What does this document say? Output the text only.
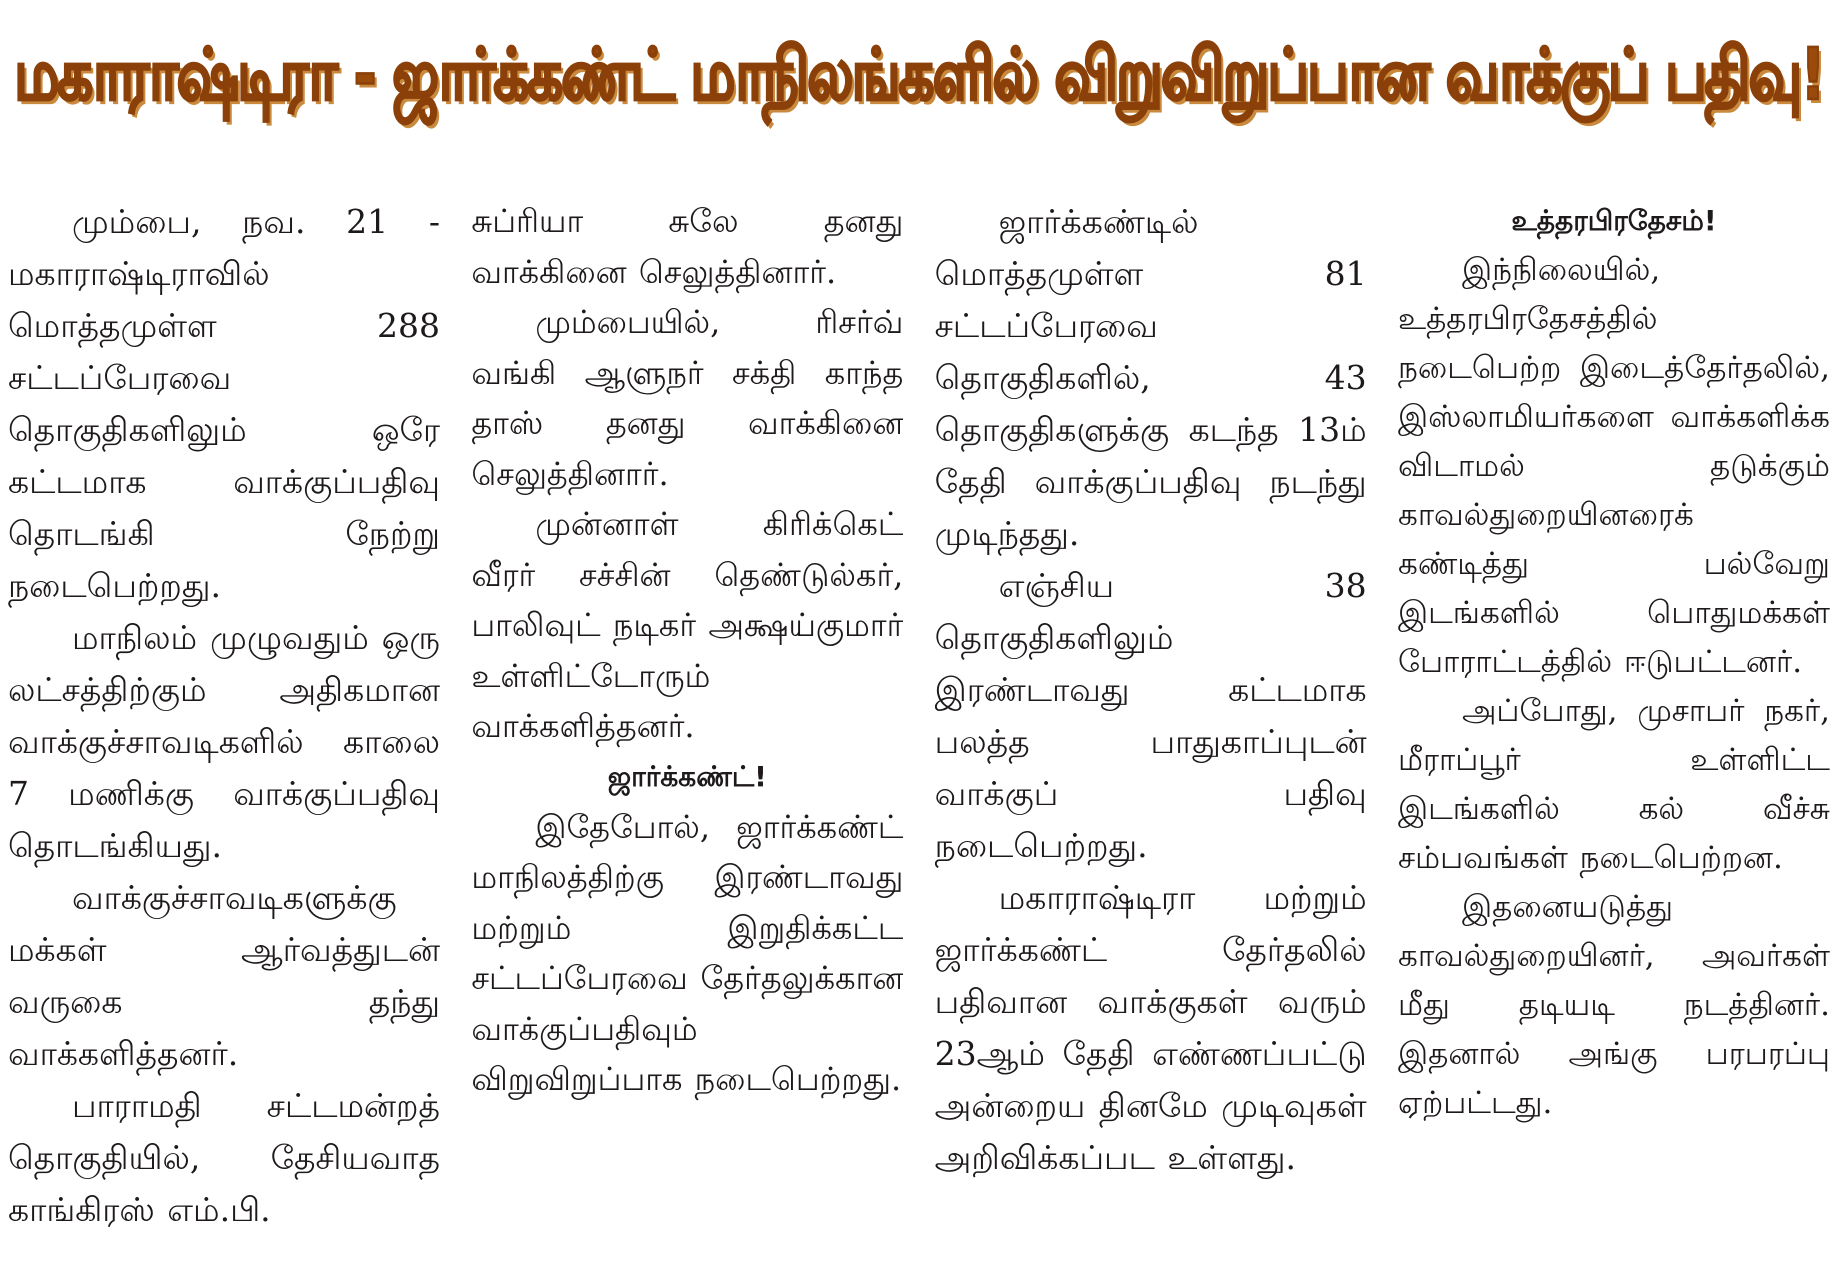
மகாராஷ்டிரா - ஜார்க்கண்ட் மாநிலங்களில் விறுவிறுப்பான வாக்குப் பதிவு!

மும்பை, நவ. 21 - மகாராஷ்டிராவில் மொத்தமுள்ள 288 சட்டப்பேரவை தொகுதிகளிலும் ஒரே கட்டமாக வாக்குப்பதிவு தொடங்கி நேற்று நடைபெற்றது.

மாநிலம் முழுவதும் ஒரு லட்சத்திற்கும் அதிகமான வாக்குச்சாவடிகளில் காலை 7 மணிக்கு வாக்குப்பதிவு தொடங்கியது.

வாக்குச்சாவடிகளுக்கு மக்கள் ஆர்வத்துடன் வருகை தந்து வாக்களித்தனர்.

பாராமதி சட்டமன்றத் தொகுதியில், தேசியவாத காங்கிரஸ் எம்.பி.

சுப்ரியா சுலே தனது வாக்கினை செலுத்தினார்.

மும்பையில், ரிசர்வ் வங்கி ஆளுநர் சக்தி காந்த தாஸ் தனது வாக்கினை செலுத்தினார்.

முன்னாள் கிரிக்கெட் வீரர் சச்சின் தெண்டுல்கர், பாலிவுட் நடிகர் அக்ஷய்குமார் உள்ளிட்டோரும் வாக்களித்தனர்.

ஜார்க்கண்ட்!

இதேபோல், ஜார்க்கண்ட் மாநிலத்திற்கு இரண்டாவது மற்றும் இறுதிக்கட்ட சட்டப்பேரவை தேர்தலுக்கான வாக்குப்பதிவும் விறுவிறுப்பாக நடைபெற்றது.

ஜார்க்கண்டில் மொத்தமுள்ள 81 சட்டப்பேரவை தொகுதிகளில், 43 தொகுதிகளுக்கு கடந்த 13ம் தேதி வாக்குப்பதிவு நடந்து முடிந்தது.

எஞ்சிய 38 தொகுதிகளிலும் இரண்டாவது கட்டமாக பலத்த பாதுகாப்புடன் வாக்குப் பதிவு நடைபெற்றது.

மகாராஷ்டிரா மற்றும் ஜார்க்கண்ட் தேர்தலில் பதிவான வாக்குகள் வரும் 23ஆம் தேதி எண்ணப்பட்டு அன்றைய தினமே முடிவுகள் அறிவிக்கப்பட உள்ளது.

உத்தரபிரதேசம்!

இந்நிலையில், உத்தரபிரதேசத்தில் நடைபெற்ற இடைத்தேர்தலில், இஸ்லாமியர்களை வாக்களிக்க விடாமல் தடுக்கும் காவல்துறையினரைக் கண்டித்து பல்வேறு இடங்களில் பொதுமக்கள் போராட்டத்தில் ஈடுபட்டனர்.

அப்போது, முசாபர் நகர், மீராப்பூர் உள்ளிட்ட இடங்களில் கல் வீச்சு சம்பவங்கள் நடைபெற்றன.

இதனையடுத்து காவல்துறையினர், அவர்கள் மீது தடியடி நடத்தினர். இதனால் அங்கு பரபரப்பு ஏற்பட்டது.
